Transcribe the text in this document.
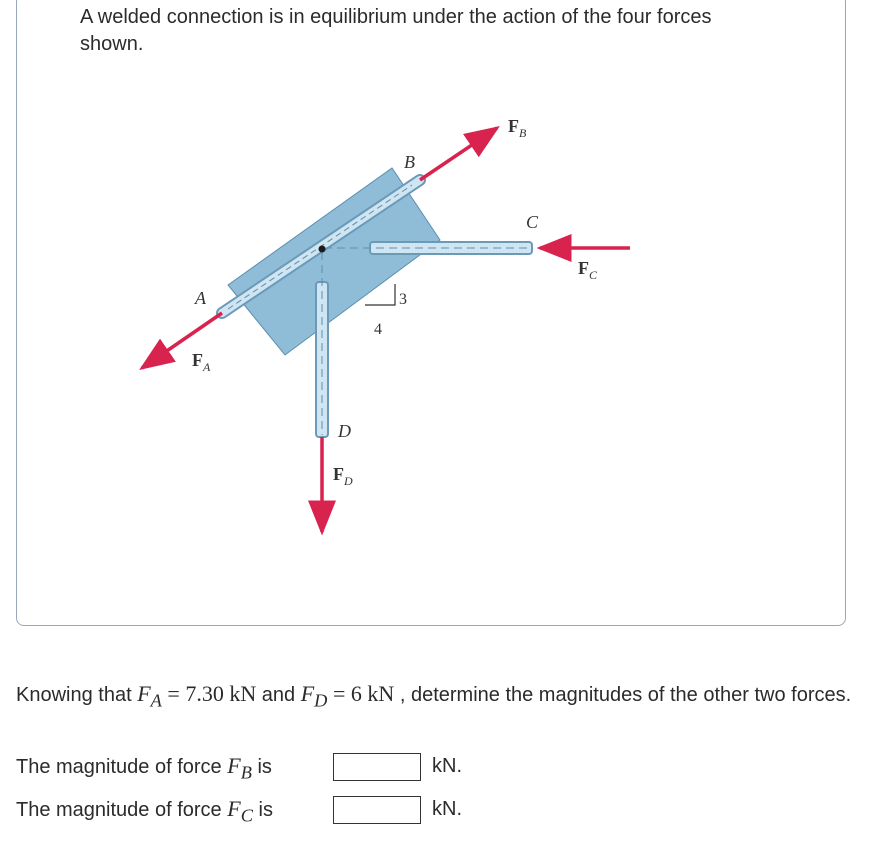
A welded connection is in equilibrium under the action of the four forces shown.

A
B
C
D
3
4
$F_A$
$F_B$
$F_C$
$F_D$

Knowing that $F_A = 7.30$ kN and $F_D = 6$ kN , determine the magnitudes of the other two forces.

The magnitude of force $F_B$ is	kN.
The magnitude of force $F_C$ is	kN.
